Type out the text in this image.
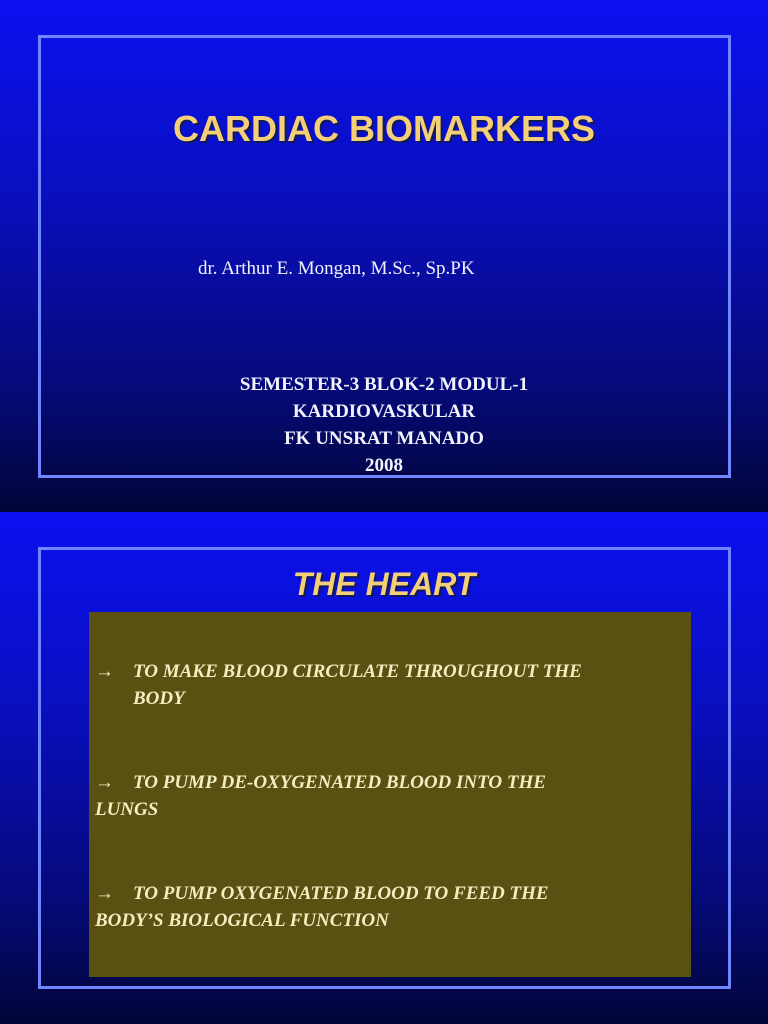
CARDIAC BIOMARKERS

dr. Arthur E. Mongan, M.Sc., Sp.PK

SEMESTER-3 BLOK-2 MODUL-1
KARDIOVASKULAR
FK UNSRAT MANADO
2008
THE HEART
→ TO MAKE BLOOD CIRCULATE THROUGHOUT THE
BODY
→ TO PUMP DE-OXYGENATED BLOOD INTO THE
LUNGS
→ TO PUMP OXYGENATED BLOOD TO FEED THE
BODY’S BIOLOGICAL FUNCTION
